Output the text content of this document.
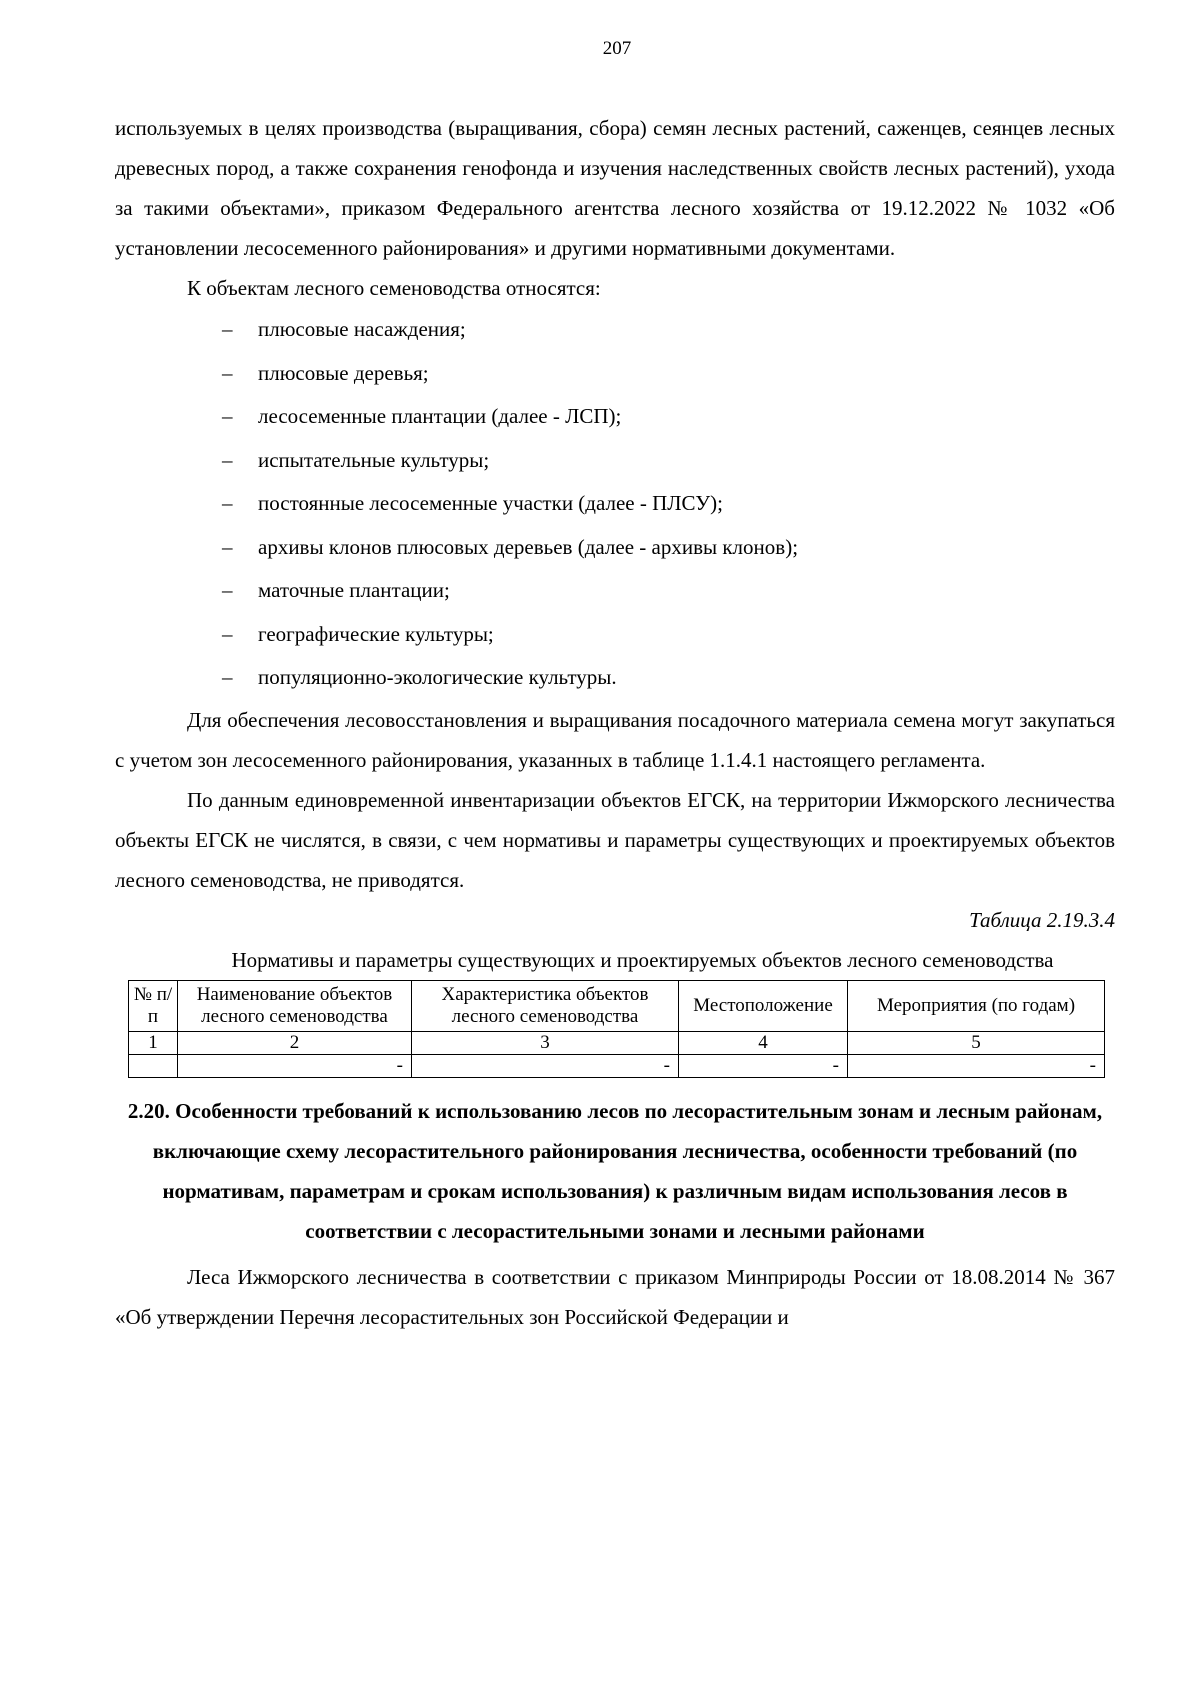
207

используемых в целях производства (выращивания, сбора) семян лесных растений, саженцев, сеянцев лесных древесных пород, а также сохранения генофонда и изучения наследственных свойств лесных растений), ухода за такими объектами», приказом Федерального агентства лесного хозяйства от 19.12.2022 № 1032 «Об установлении лесосеменного районирования» и другими нормативными документами.

К объектам лесного семеноводства относятся:

– плюсовые насаждения;
– плюсовые деревья;
– лесосеменные плантации (далее - ЛСП);
– испытательные культуры;
– постоянные лесосеменные участки (далее - ПЛСУ);
– архивы клонов плюсовых деревьев (далее - архивы клонов);
– маточные плантации;
– географические культуры;
– популяционно-экологические культуры.

Для обеспечения лесовосстановления и выращивания посадочного материала семена могут закупаться с учетом зон лесосеменного районирования, указанных в таблице 1.1.4.1 настоящего регламента.

По данным единовременной инвентаризации объектов ЕГСК, на территории Ижморского лесничества объекты ЕГСК не числятся, в связи, с чем нормативы и параметры существующих и проектируемых объектов лесного семеноводства, не приводятся.

Таблица 2.19.3.4

Нормативы и параметры существующих и проектируемых объектов лесного семеноводства

№ п/п	Наименование объектов лесного семеноводства	Характеристика объектов лесного семеноводства	Местоположение	Мероприятия (по годам)
1	2	3	4	5
	-	-	-	-

2.20. Особенности требований к использованию лесов по лесорастительным зонам и лесным районам, включающие схему лесорастительного районирования лесничества, особенности требований (по нормативам, параметрам и срокам использования) к различным видам использования лесов в соответствии с лесорастительными зонами и лесными районами

Леса Ижморского лесничества в соответствии с приказом Минприроды России от 18.08.2014 № 367 «Об утверждении Перечня лесорастительных зон Российской Федерации и
